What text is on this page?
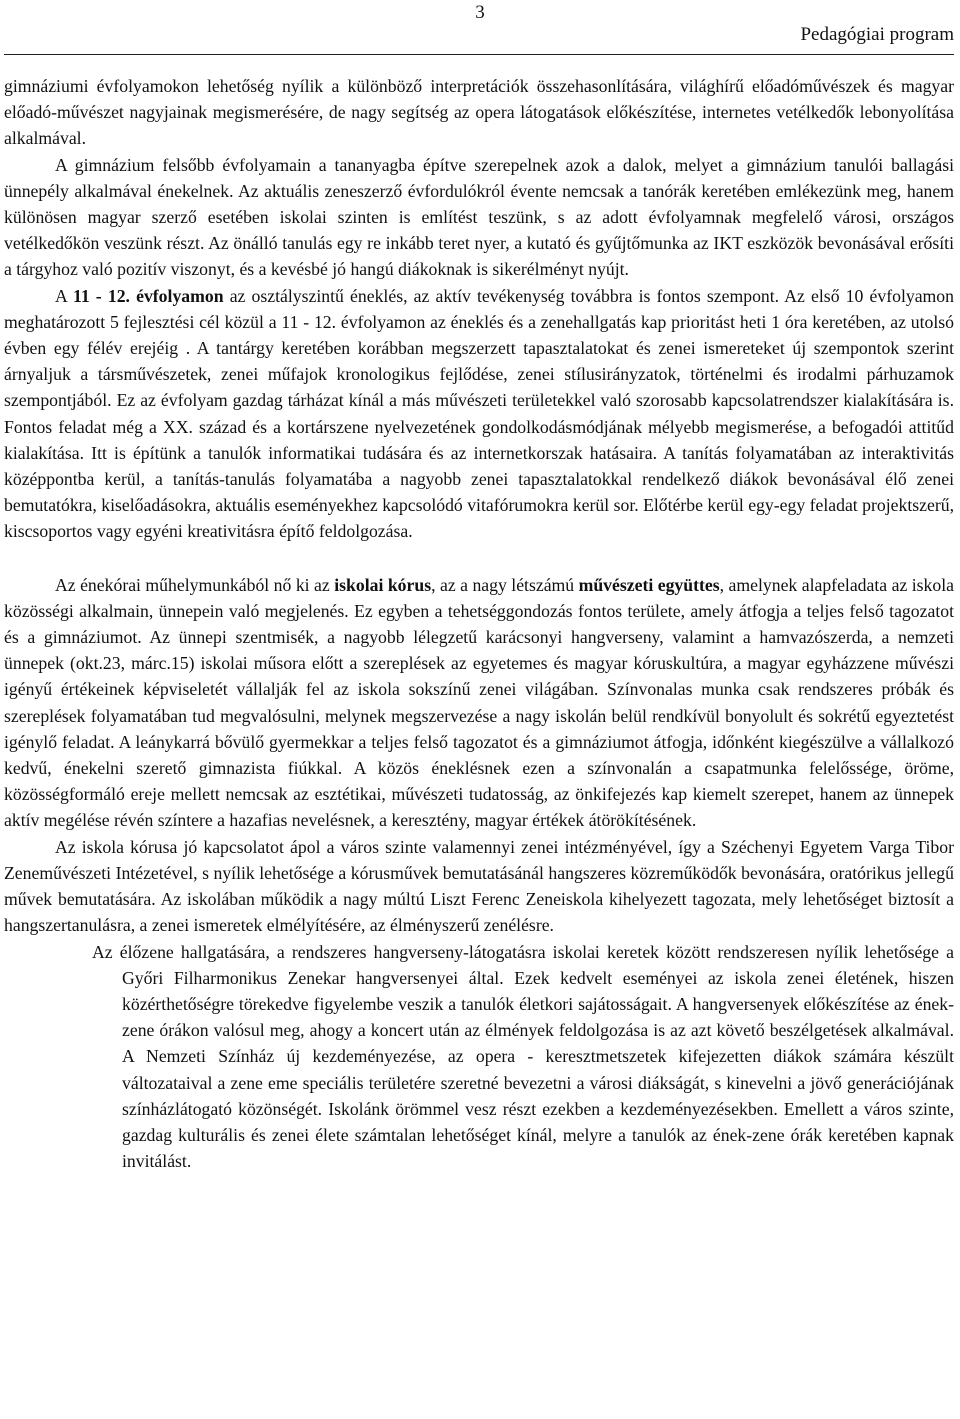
3
Pedagógiai program

gimnáziumi évfolyamokon lehetőség nyílik a különböző interpretációk összehasonlítására, világhírű előadóművészek és magyar előadó-művészet nagyjainak megismerésére, de nagy segítség az opera látogatások előkészítése, internetes vetélkedők lebonyolítása alkalmával.

A gimnázium felsőbb évfolyamain a tananyagba építve szerepelnek azok a dalok, melyet a gimnázium tanulói ballagási ünnepély alkalmával énekelnek. Az aktuális zeneszerző évfordulókról évente nemcsak a tanórák keretében emlékezünk meg, hanem különösen magyar szerző esetében iskolai szinten is említést teszünk, s az adott évfolyamnak megfelelő városi, országos vetélkedőkön veszünk részt. Az önálló tanulás egy re inkább teret nyer, a kutató és gyűjtőmunka az IKT eszközök bevonásával erősíti a tárgyhoz való pozitív viszonyt, és a kevésbé jó hangú diákoknak is sikerélményt nyújt.

A 11 - 12. évfolyamon az osztályszintű éneklés, az aktív tevékenység továbbra is fontos szempont. Az első 10 évfolyamon meghatározott 5 fejlesztési cél közül a 11 - 12. évfolyamon az éneklés és a zenehallgatás kap prioritást heti 1 óra keretében, az utolsó évben egy félév erejéig . A tantárgy keretében korábban megszerzett tapasztalatokat és zenei ismereteket új szempontok szerint árnyaljuk a társművészetek, zenei műfajok kronologikus fejlődése, zenei stílusirányzatok, történelmi és irodalmi párhuzamok szempontjából. Ez az évfolyam gazdag tárházat kínál a más művészeti területekkel való szorosabb kapcsolatrendszer kialakítására is. Fontos feladat még a XX. század és a kortárszene nyelvezetének gondolkodásmódjának mélyebb megismerése, a befogadói attitűd kialakítása. Itt is építünk a tanulók informatikai tudására és az internetkorszak hatásaira. A tanítás folyamatában az interaktivitás középpontba kerül, a tanítás-tanulás folyamatába a nagyobb zenei tapasztalatokkal rendelkező diákok bevonásával élő zenei bemutatókra, kiselőadásokra, aktuális eseményekhez kapcsolódó vitafórumokra kerül sor. Előtérbe kerül egy-egy feladat projektszerű, kiscsoportos vagy egyéni kreativitásra építő feldolgozása.

Az énekórai műhelymunkából nő ki az iskolai kórus, az a nagy létszámú művészeti együttes, amelynek alapfeladata az iskola közösségi alkalmain, ünnepein való megjelenés. Ez egyben a tehetséggondozás fontos területe, amely átfogja a teljes felső tagozatot és a gimnáziumot. Az ünnepi szentmisék, a nagyobb lélegzetű karácsonyi hangverseny, valamint a hamvazószerda, a nemzeti ünnepek (okt.23, márc.15) iskolai műsora előtt a szereplések az egyetemes és magyar kóruskultúra, a magyar egyházzene művészi igényű értékeinek képviseletét vállalják fel az iskola sokszínű zenei világában. Színvonalas munka csak rendszeres próbák és szereplések folyamatában tud megvalósulni, melynek megszervezése a nagy iskolán belül rendkívül bonyolult és sokrétű egyeztetést igénylő feladat. A leánykarrá bővülő gyermekkar a teljes felső tagozatot és a gimnáziumot átfogja, időnként kiegészülve a vállalkozó kedvű, énekelni szerető gimnazista fiúkkal. A közös éneklésnek ezen a színvonalán a csapatmunka felelőssége, öröme, közösségformáló ereje mellett nemcsak az esztétikai, művészeti tudatosság, az önkifejezés kap kiemelt szerepet, hanem az ünnepek aktív megélése révén színtere a hazafias nevelésnek, a keresztény, magyar értékek átörökítésének.

Az iskola kórusa jó kapcsolatot ápol a város szinte valamennyi zenei intézményével, így a Széchenyi Egyetem Varga Tibor Zeneművészeti Intézetével, s nyílik lehetősége a kórusművek bemutatásánál hangszeres közreműködők bevonására, oratórikus jellegű művek bemutatására. Az iskolában működik a nagy múltú Liszt Ferenc Zeneiskola kihelyezett tagozata, mely lehetőséget biztosít a hangszertanulásra, a zenei ismeretek elmélyítésére, az élményszerű zenélésre.

Az élőzene hallgatására, a rendszeres hangverseny-látogatásra iskolai keretek között rendszeresen nyílik lehetősége a Győri Filharmonikus Zenekar hangversenyei által. Ezek kedvelt eseményei az iskola zenei életének, hiszen közérthetőségre törekedve figyelembe veszik a tanulók életkori sajátosságait. A hangversenyek előkészítése az ének-zene órákon valósul meg, ahogy a koncert után az élmények feldolgozása is az azt követő beszélgetések alkalmával. A Nemzeti Színház új kezdeményezése, az opera - keresztmetszetek kifejezetten diákok számára készült változataival a zene eme speciális területére szeretné bevezetni a városi diákságát, s kinevelni a jövő generációjának színházlátogató közönségét. Iskolánk örömmel vesz részt ezekben a kezdeményezésekben. Emellett a város szinte, gazdag kulturális és zenei élete számtalan lehetőséget kínál, melyre a tanulók az ének-zene órák keretében kapnak invitálást.
